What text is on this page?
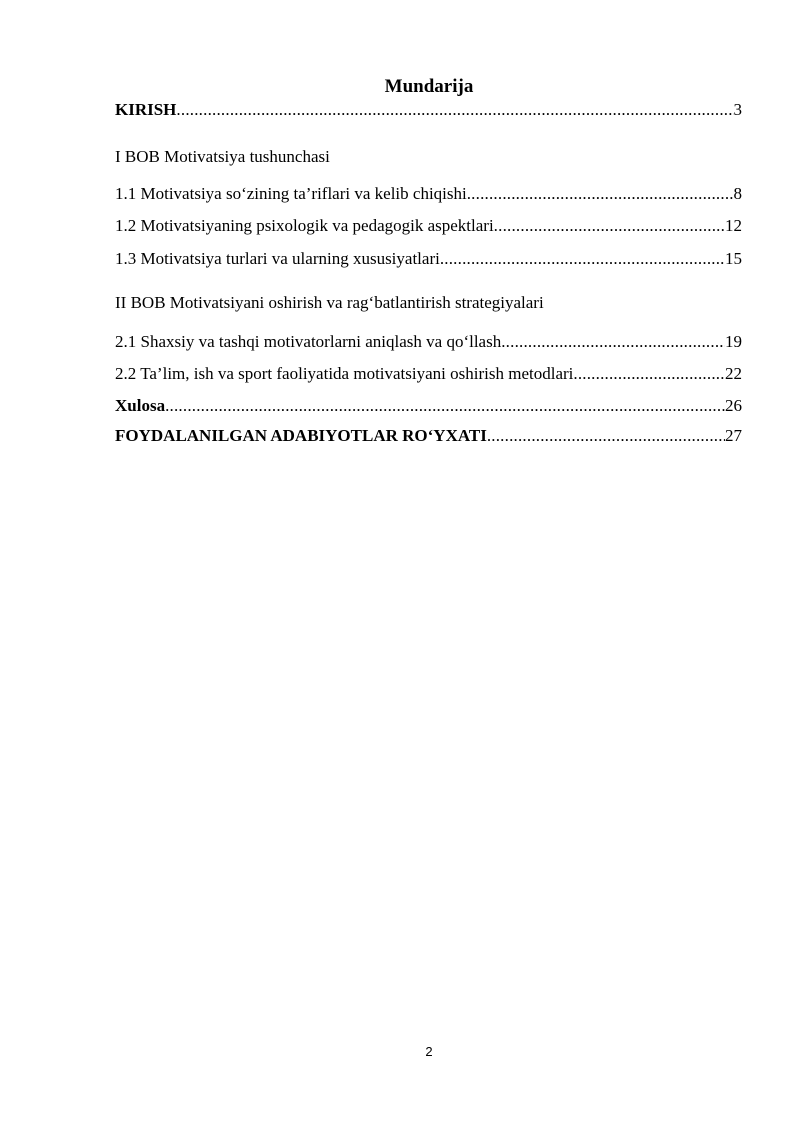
Mundarija
KIRISH .....	3
I BOB Motivatsiya tushunchasi
1.1 Motivatsiya so‘zining ta’riflari va kelib chiqishi .....	8
1.2 Motivatsiyaning psixologik va pedagogik aspektlari .....	12
1.3 Motivatsiya turlari va ularning xususiyatlari .....	15
II BOB Motivatsiyani oshirish va rag‘batlantirish strategiyalari
2.1 Shaxsiy va tashqi motivatorlarni aniqlash va qo‘llash .....	19
2.2 Ta’lim, ish va sport faoliyatida motivatsiyani oshirish metodlari .....	22
Xulosa .....	26
FOYDALANILGAN ADABIYOTLAR RO‘YXATI .....	27
2
